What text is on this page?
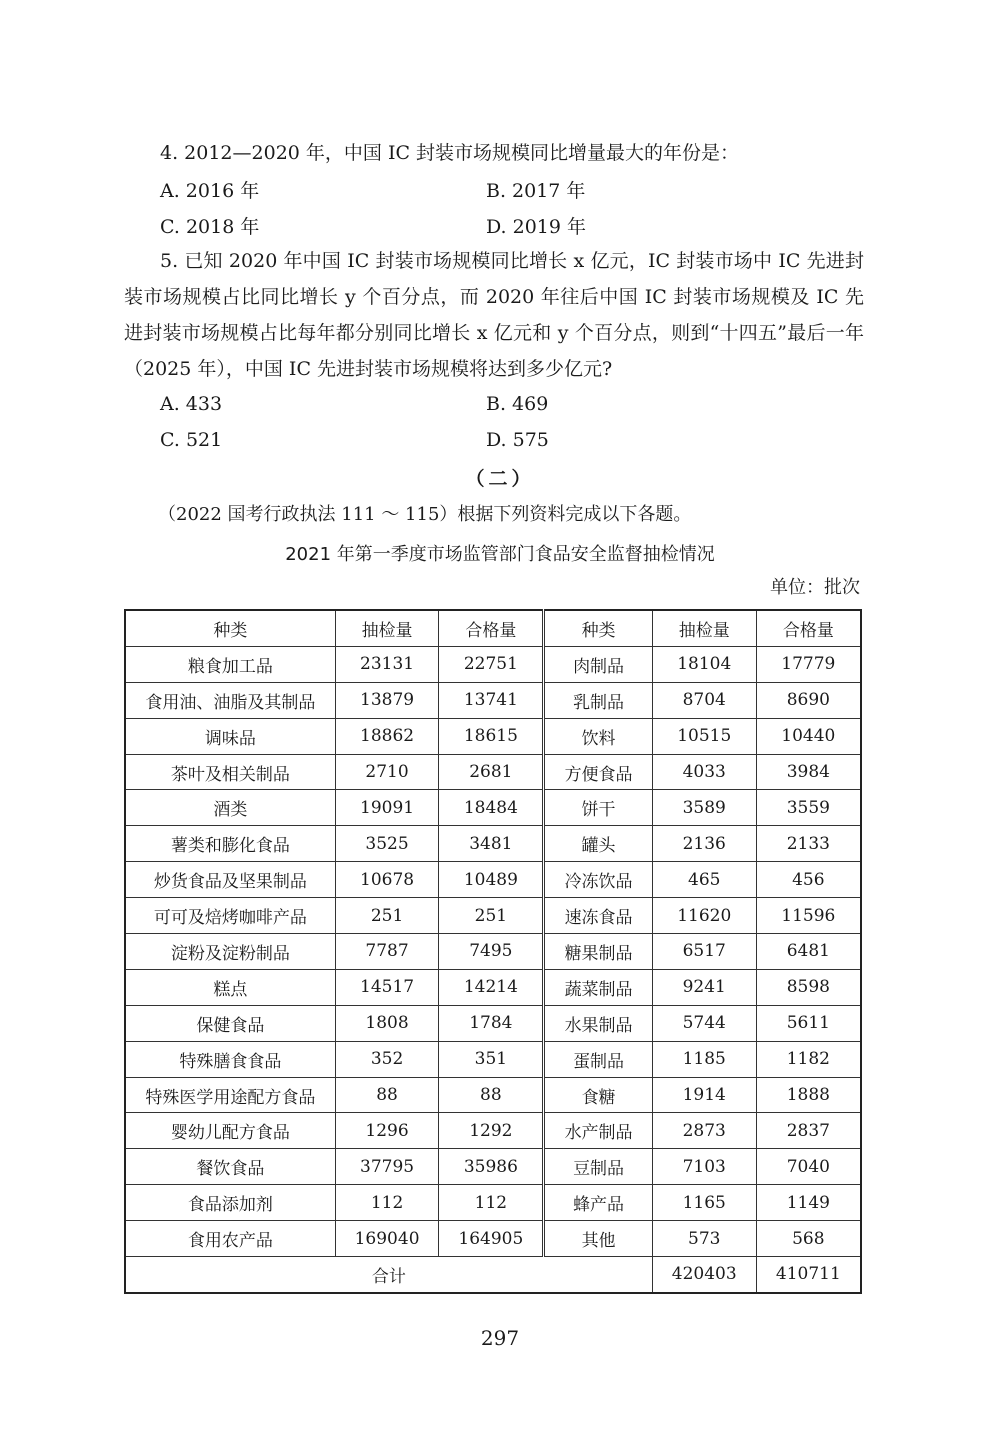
4. 2012—2020 年，中国 IC 封装市场规模同比增量最大的年份是：
A. 2016 年	B. 2017 年
C. 2018 年	D. 2019 年
5. 已知 2020 年中国 IC 封装市场规模同比增长 x 亿元，IC 封装市场中 IC 先进封装市场规模占比同比增长 y 个百分点，而 2020 年往后中国 IC 封装市场规模及 IC 先进封装市场规模占比每年都分别同比增长 x 亿元和 y 个百分点，则到“十四五”最后一年（2025 年），中国 IC 先进封装市场规模将达到多少亿元?
A. 433	B. 469
C. 521	D. 575
（二）
（2022 国考行政执法 111 ～ 115）根据下列资料完成以下各题。
2021 年第一季度市场监管部门食品安全监督抽检情况
单位：批次
种类	抽检量	合格量	种类	抽检量	合格量
粮食加工品	23131	22751	肉制品	18104	17779
食用油、油脂及其制品	13879	13741	乳制品	8704	8690
调味品	18862	18615	饮料	10515	10440
茶叶及相关制品	2710	2681	方便食品	4033	3984
酒类	19091	18484	饼干	3589	3559
薯类和膨化食品	3525	3481	罐头	2136	2133
炒货食品及坚果制品	10678	10489	冷冻饮品	465	456
可可及焙烤咖啡产品	251	251	速冻食品	11620	11596
淀粉及淀粉制品	7787	7495	糖果制品	6517	6481
糕点	14517	14214	蔬菜制品	9241	8598
保健食品	1808	1784	水果制品	5744	5611
特殊膳食食品	352	351	蛋制品	1185	1182
特殊医学用途配方食品	88	88	食糖	1914	1888
婴幼儿配方食品	1296	1292	水产制品	2873	2837
餐饮食品	37795	35986	豆制品	7103	7040
食品添加剂	112	112	蜂产品	1165	1149
食用农产品	169040	164905	其他	573	568
合计				420403	410711
297
